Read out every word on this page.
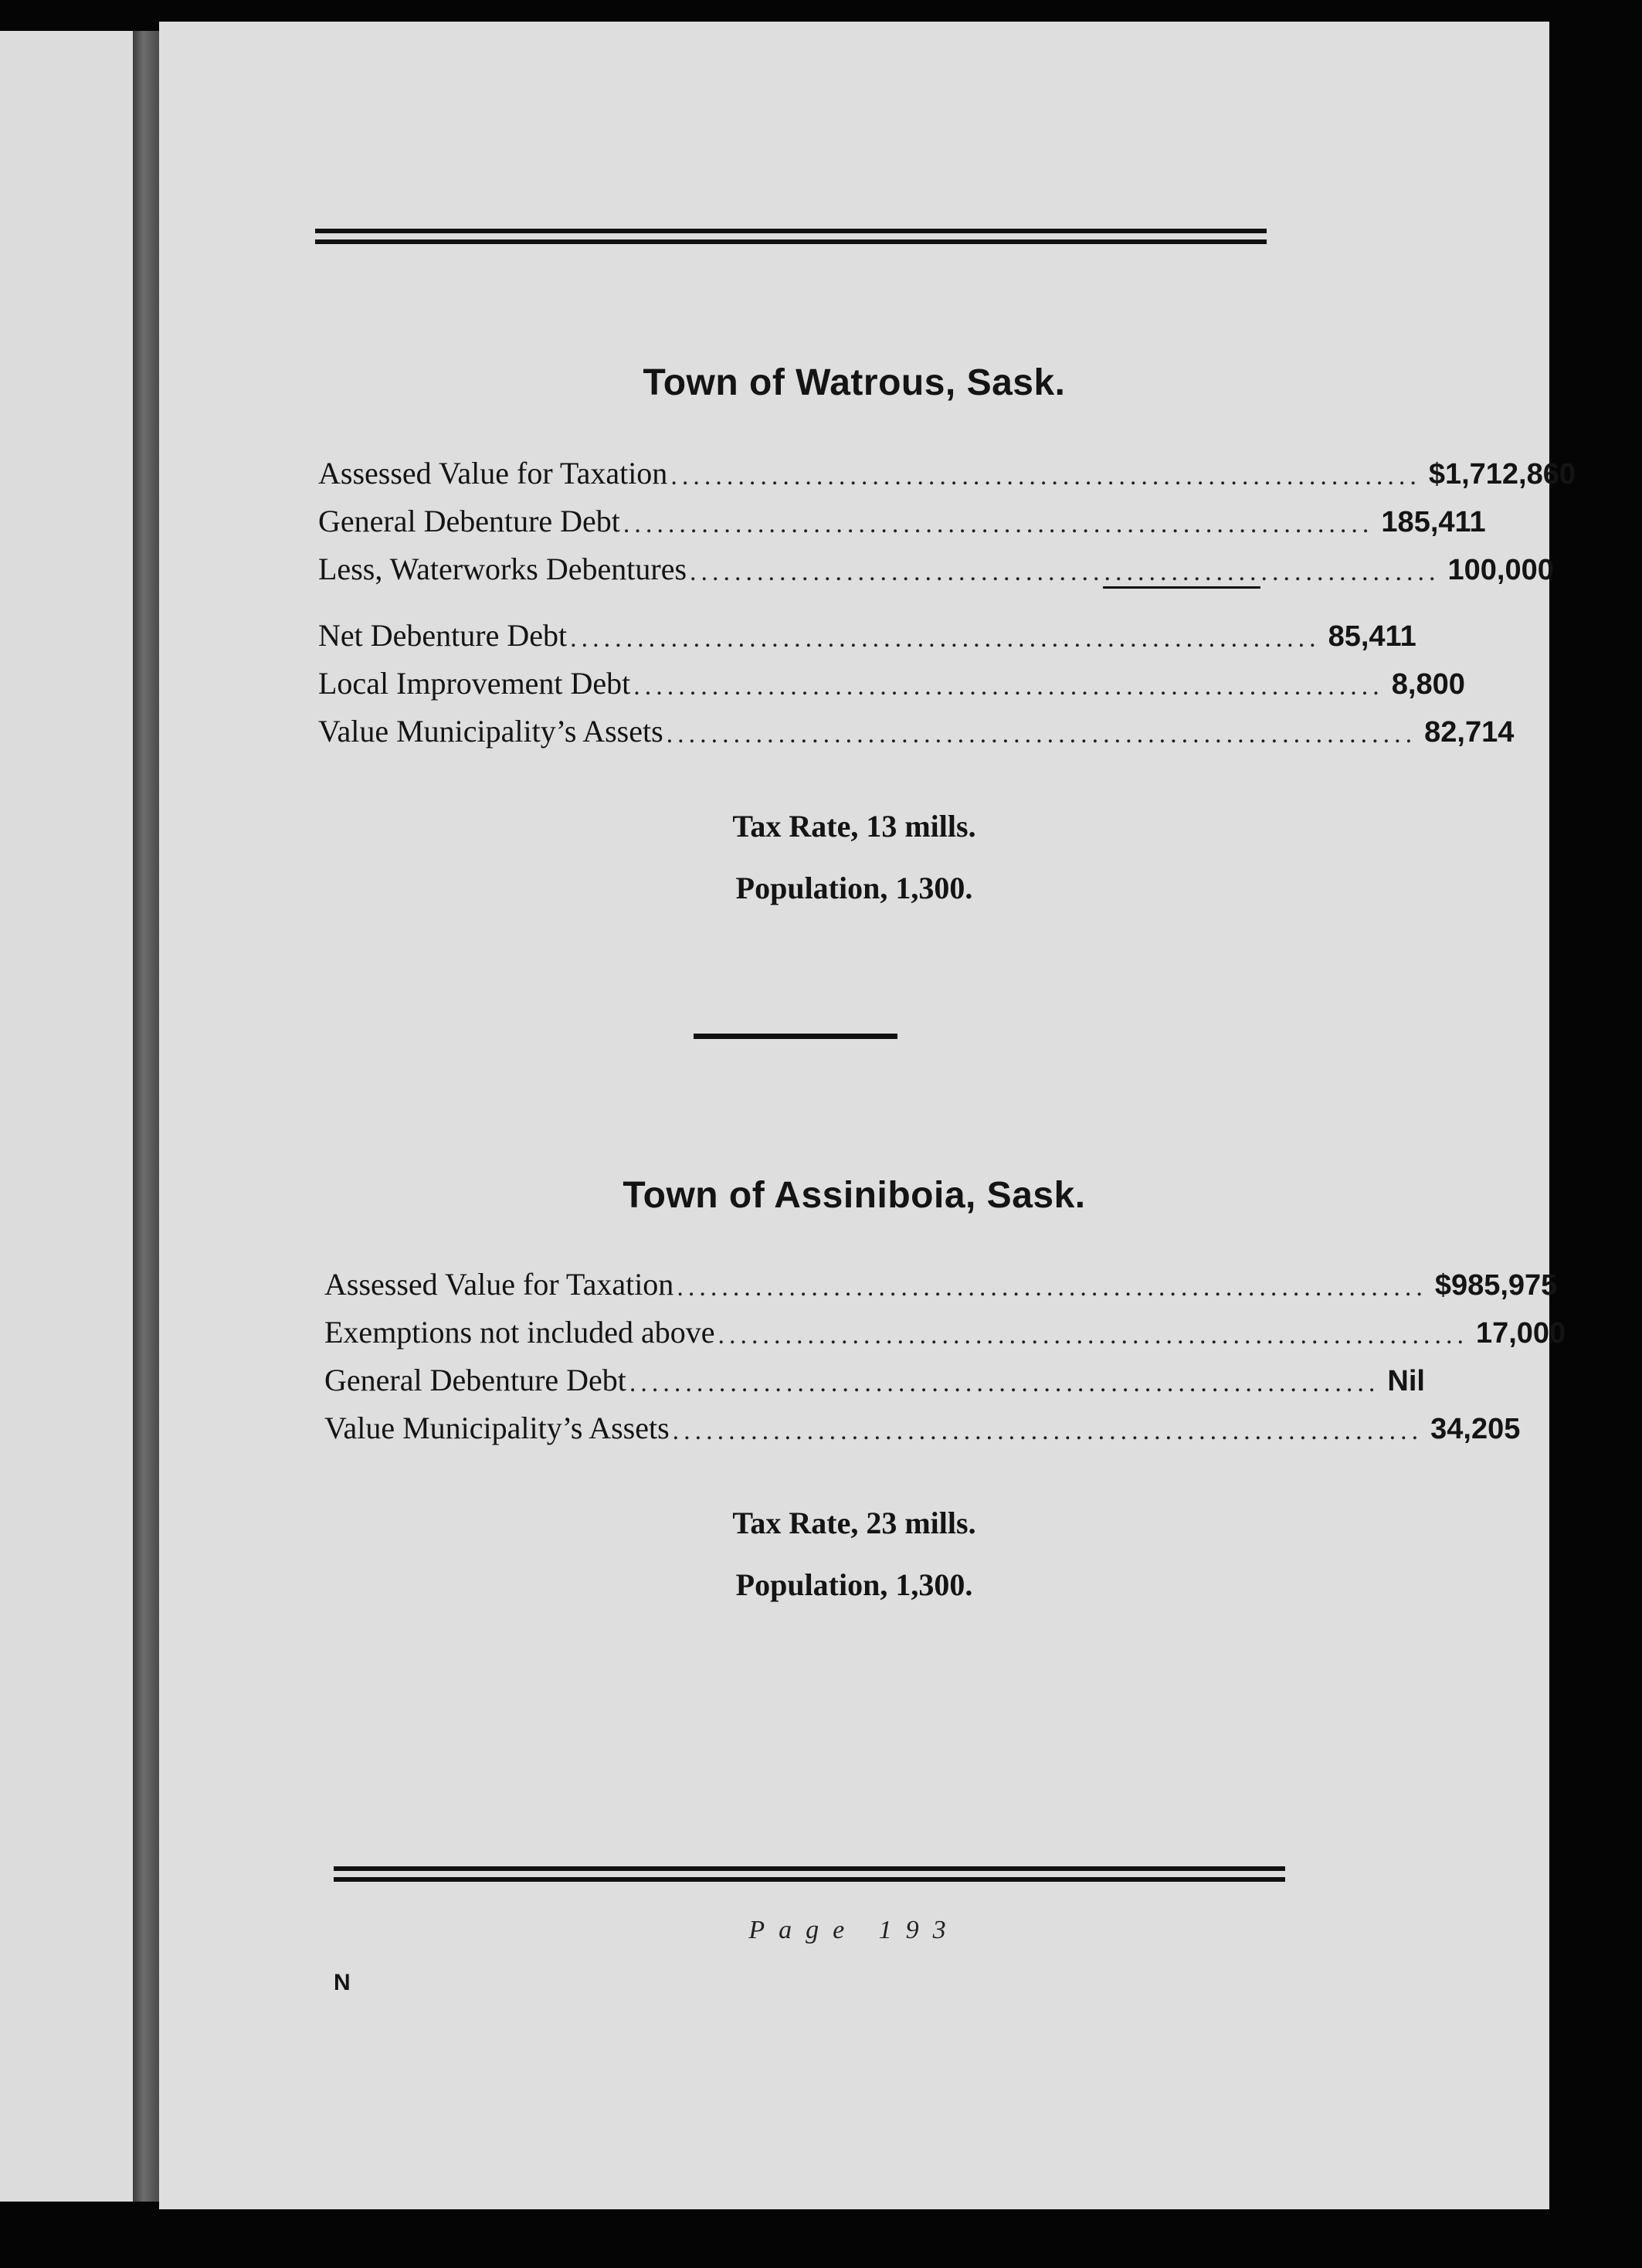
Town of Watrous, Sask.
Assessed Value for Taxation ................................................................... $1,712,860
General Debenture Debt ................................................................... 185,411
Less, Waterworks Debentures ................................................................... 100,000
Net Debenture Debt ................................................................... 85,411
Local Improvement Debt ................................................................... 8,800
Value Municipality’s Assets ................................................................... 82,714
Tax Rate, 13 mills.
Population, 1,300.
Town of Assiniboia, Sask.
Assessed Value for Taxation ................................................................... $985,975
Exemptions not included above ................................................................... 17,000
General Debenture Debt ................................................................... Nil
Value Municipality’s Assets ................................................................... 34,205
Tax Rate, 23 mills.
Population, 1,300.
Page 193
N
